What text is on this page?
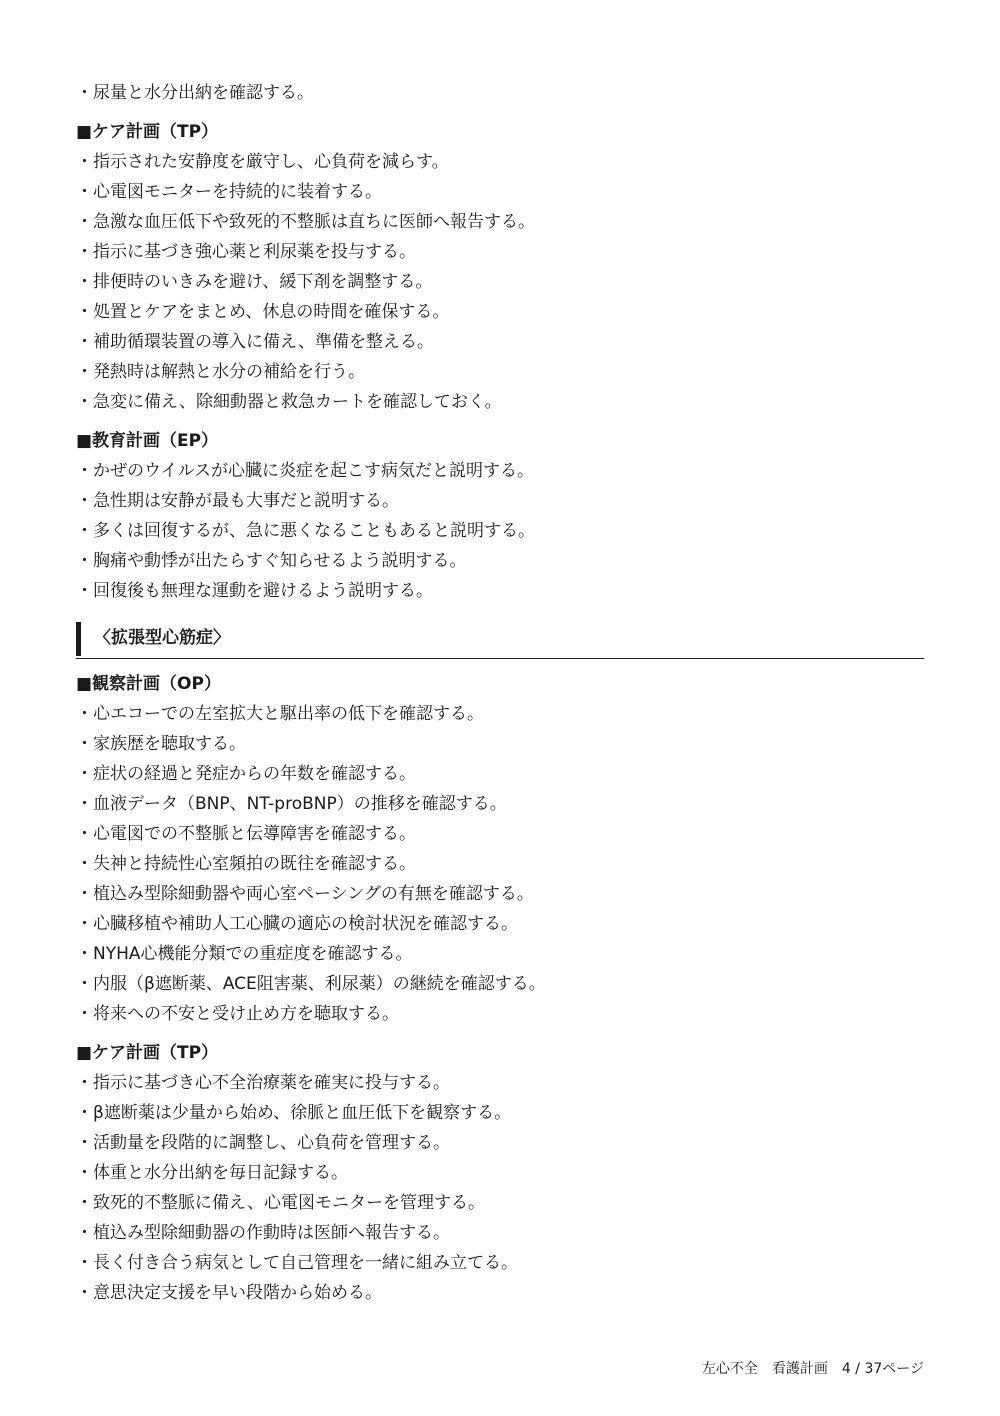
・尿量と水分出納を確認する。
■ケア計画（TP）
・指示された安静度を厳守し、心負荷を減らす。
・心電図モニターを持続的に装着する。
・急激な血圧低下や致死的不整脈は直ちに医師へ報告する。
・指示に基づき強心薬と利尿薬を投与する。
・排便時のいきみを避け、緩下剤を調整する。
・処置とケアをまとめ、休息の時間を確保する。
・補助循環装置の導入に備え、準備を整える。
・発熱時は解熱と水分の補給を行う。
・急変に備え、除細動器と救急カートを確認しておく。
■教育計画（EP）
・かぜのウイルスが心臓に炎症を起こす病気だと説明する。
・急性期は安静が最も大事だと説明する。
・多くは回復するが、急に悪くなることもあると説明する。
・胸痛や動悸が出たらすぐ知らせるよう説明する。
・回復後も無理な運動を避けるよう説明する。
〈拡張型心筋症〉
■観察計画（OP）
・心エコーでの左室拡大と駆出率の低下を確認する。
・家族歴を聴取する。
・症状の経過と発症からの年数を確認する。
・血液データ（BNP、NT-proBNP）の推移を確認する。
・心電図での不整脈と伝導障害を確認する。
・失神と持続性心室頻拍の既往を確認する。
・植込み型除細動器や両心室ペーシングの有無を確認する。
・心臓移植や補助人工心臓の適応の検討状況を確認する。
・NYHA心機能分類での重症度を確認する。
・内服（β遮断薬、ACE阻害薬、利尿薬）の継続を確認する。
・将来への不安と受け止め方を聴取する。
■ケア計画（TP）
・指示に基づき心不全治療薬を確実に投与する。
・β遮断薬は少量から始め、徐脈と血圧低下を観察する。
・活動量を段階的に調整し、心負荷を管理する。
・体重と水分出納を毎日記録する。
・致死的不整脈に備え、心電図モニターを管理する。
・植込み型除細動器の作動時は医師へ報告する。
・長く付き合う病気として自己管理を一緒に組み立てる。
・意思決定支援を早い段階から始める。
左心不全　看護計画　4 / 37ページ
